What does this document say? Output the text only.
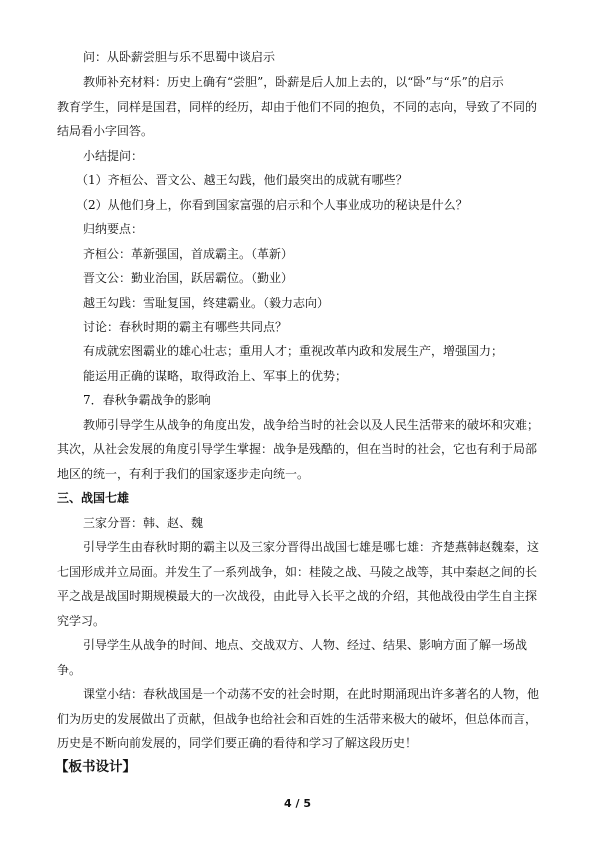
问：从卧薪尝胆与乐不思蜀中谈启示
教师补充材料：历史上确有“尝胆”，卧薪是后人加上去的，以“卧”与“乐”的启示
教育学生，同样是国君，同样的经历，却由于他们不同的抱负，不同的志向，导致了不同的
结局看小字回答。
小结提问：
（1）齐桓公、晋文公、越王勾践，他们最突出的成就有哪些？
（2）从他们身上，你看到国家富强的启示和个人事业成功的秘诀是什么？
归纳要点：
齐桓公：革新强国，首成霸主。（革新）
晋文公：勤业治国，跃居霸位。（勤业）
越王勾践：雪耻复国，终建霸业。（毅力志向）
讨论：春秋时期的霸主有哪些共同点？
有成就宏图霸业的雄心壮志；重用人才；重视改革内政和发展生产，增强国力；
能运用正确的谋略，取得政治上、军事上的优势；
7．春秋争霸战争的影响
教师引导学生从战争的角度出发，战争给当时的社会以及人民生活带来的破坏和灾难；
其次，从社会发展的角度引导学生掌握：战争是残酷的，但在当时的社会，它也有利于局部
地区的统一，有利于我们的国家逐步走向统一。
三、战国七雄
三家分晋：韩、赵、魏
引导学生由春秋时期的霸主以及三家分晋得出战国七雄是哪七雄：齐楚燕韩赵魏秦，这
七国形成并立局面。并发生了一系列战争，如：桂陵之战、马陵之战等，其中秦赵之间的长
平之战是战国时期规模最大的一次战役，由此导入长平之战的介绍，其他战役由学生自主探
究学习。
引导学生从战争的时间、地点、交战双方、人物、经过、结果、影响方面了解一场战
争。
课堂小结：春秋战国是一个动荡不安的社会时期，在此时期涌现出许多著名的人物，他
们为历史的发展做出了贡献，但战争也给社会和百姓的生活带来极大的破坏，但总体而言，
历史是不断向前发展的，同学们要正确的看待和学习了解这段历史！
【板书设计】
4 / 5
